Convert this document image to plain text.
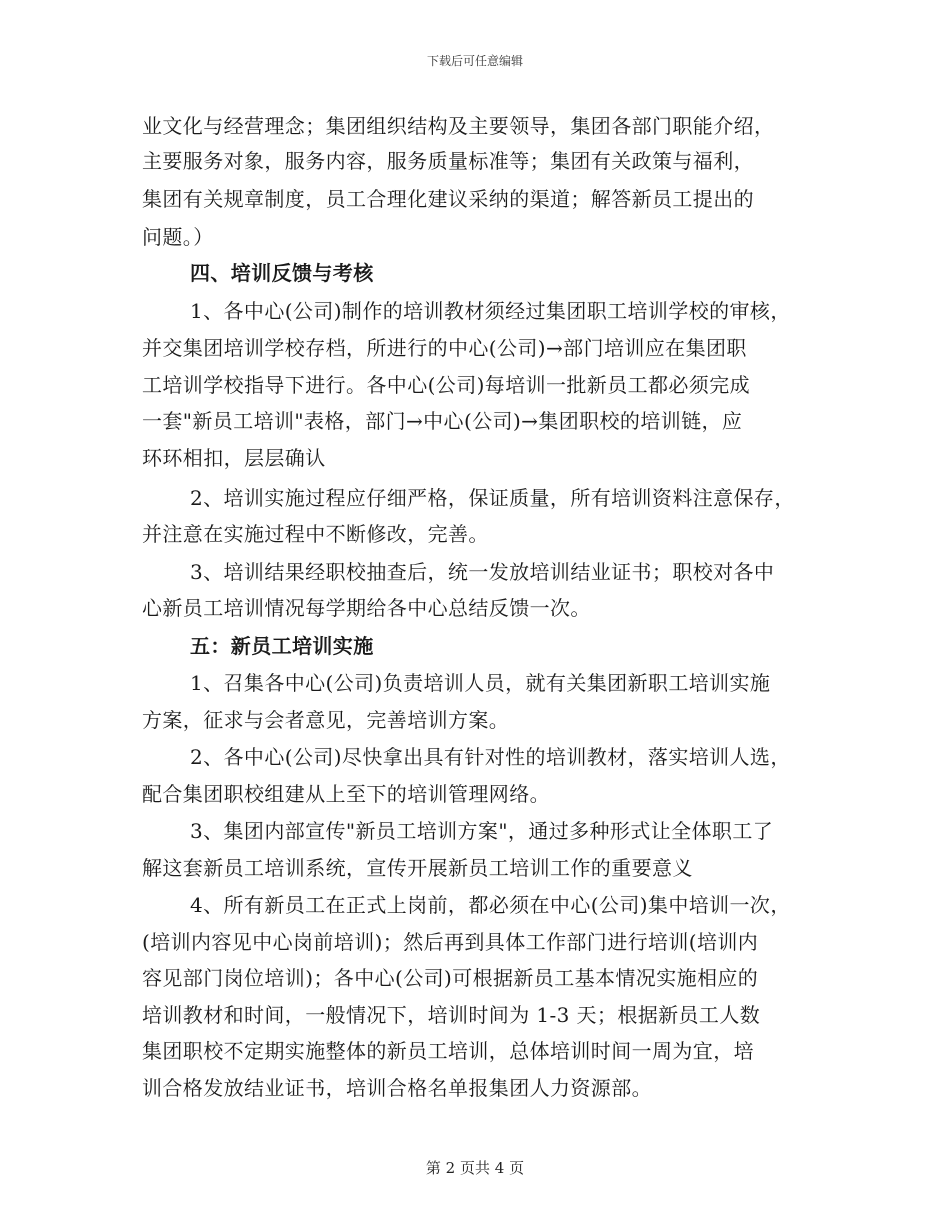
下载后可任意编辑
业文化与经营理念；集团组织结构及主要领导，集团各部门职能介绍，
主要服务对象，服务内容，服务质量标准等；集团有关政策与福利，
集团有关规章制度，员工合理化建议采纳的渠道；解答新员工提出的
问题。）
四、培训反馈与考核
1、各中心(公司)制作的培训教材须经过集团职工培训学校的审核，
并交集团培训学校存档，所进行的中心(公司)→部门培训应在集团职
工培训学校指导下进行。各中心(公司)每培训一批新员工都必须完成
一套"新员工培训"表格，部门→中心(公司)→集团职校的培训链，应
环环相扣，层层确认
2、培训实施过程应仔细严格，保证质量，所有培训资料注意保存，
并注意在实施过程中不断修改，完善。
3、培训结果经职校抽查后，统一发放培训结业证书；职校对各中
心新员工培训情况每学期给各中心总结反馈一次。
五：新员工培训实施
1、召集各中心(公司)负责培训人员，就有关集团新职工培训实施
方案，征求与会者意见，完善培训方案。
2、各中心(公司)尽快拿出具有针对性的培训教材，落实培训人选，
配合集团职校组建从上至下的培训管理网络。
3、集团内部宣传"新员工培训方案"，通过多种形式让全体职工了
解这套新员工培训系统，宣传开展新员工培训工作的重要意义
4、所有新员工在正式上岗前，都必须在中心(公司)集中培训一次，
(培训内容见中心岗前培训)；然后再到具体工作部门进行培训(培训内
容见部门岗位培训)；各中心(公司)可根据新员工基本情况实施相应的
培训教材和时间，一般情况下，培训时间为 1-3 天；根据新员工人数
集团职校不定期实施整体的新员工培训，总体培训时间一周为宜，培
训合格发放结业证书，培训合格名单报集团人力资源部。
第 2 页共 4 页
